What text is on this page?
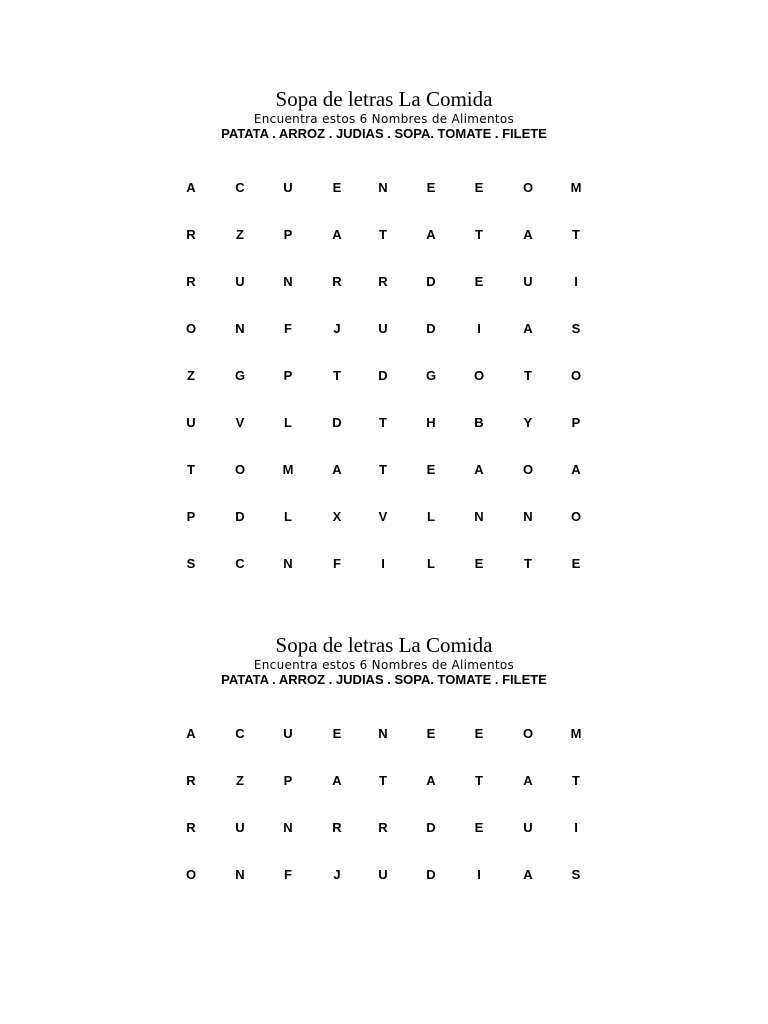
Sopa de letras La Comida

Encuentra estos 6 Nombres de Alimentos

PATATA . ARROZ . JUDIAS . SOPA. TOMATE . FILETE

A	C	U	E	N	E	E	O	M
R	Z	P	A	T	A	T	A	T
R	U	N	R	R	D	E	U	I
O	N	F	J	U	D	I	A	S
Z	G	P	T	D	G	O	T	O
U	V	L	D	T	H	B	Y	P
T	O	M	A	T	E	A	O	A
P	D	L	X	V	L	N	N	O
S	C	N	F	I	L	E	T	E

Sopa de letras La Comida

Encuentra estos 6 Nombres de Alimentos

PATATA . ARROZ . JUDIAS . SOPA. TOMATE . FILETE

A	C	U	E	N	E	E	O	M
R	Z	P	A	T	A	T	A	T
R	U	N	R	R	D	E	U	I
O	N	F	J	U	D	I	A	S
